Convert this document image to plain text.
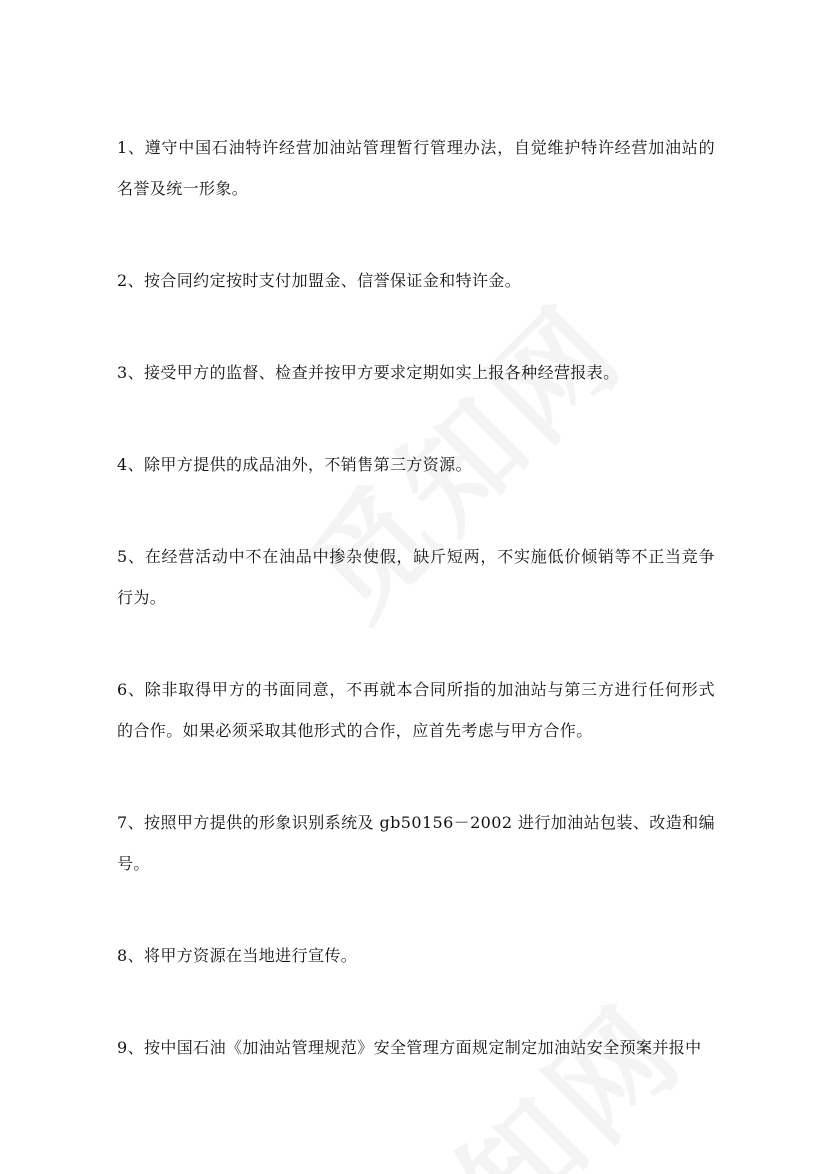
1、遵守中国石油特许经营加油站管理暂行管理办法，自觉维护特许经营加油站的名誉及统一形象。

2、按合同约定按时支付加盟金、信誉保证金和特许金。

3、接受甲方的监督、检查并按甲方要求定期如实上报各种经营报表。

4、除甲方提供的成品油外，不销售第三方资源。

5、在经营活动中不在油品中掺杂使假，缺斤短两，不实施低价倾销等不正当竞争行为。

6、除非取得甲方的书面同意，不再就本合同所指的加油站与第三方进行任何形式的合作。如果必须采取其他形式的合作，应首先考虑与甲方合作。

7、按照甲方提供的形象识别系统及 gb50156－2002 进行加油站包装、改造和编号。

8、将甲方资源在当地进行宣传。

9、按中国石油《加油站管理规范》安全管理方面规定制定加油站安全预案并报中
